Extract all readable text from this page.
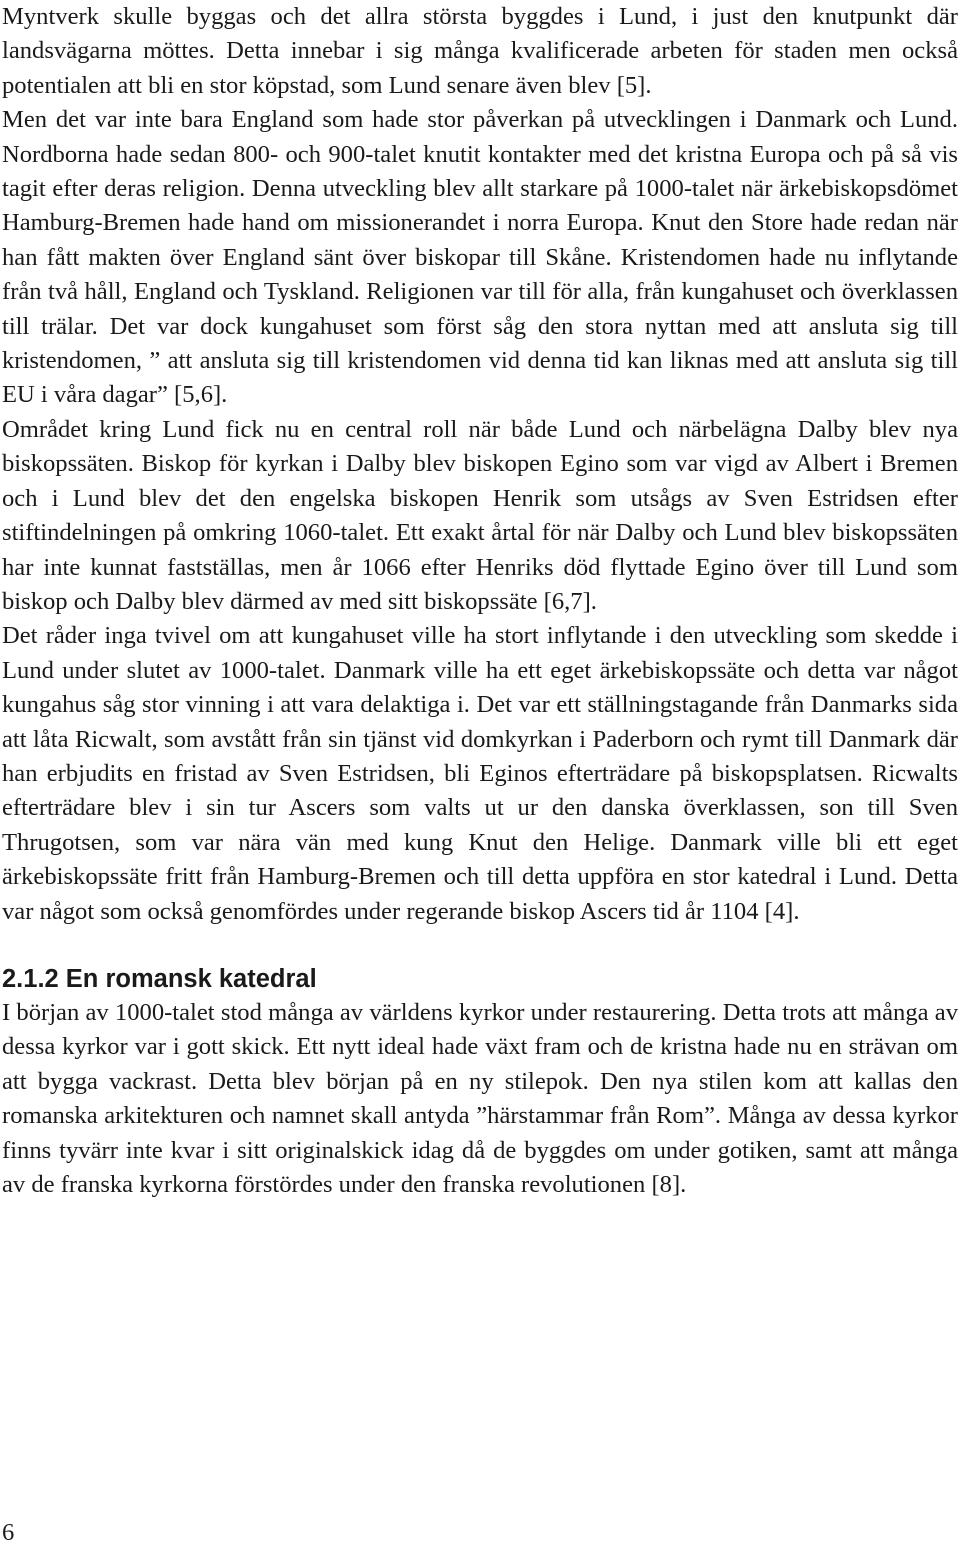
Myntverk skulle byggas och det allra största byggdes i Lund, i just den knutpunkt där landsvägarna möttes. Detta innebar i sig många kvalificerade arbeten för staden men också potentialen att bli en stor köpstad, som Lund senare även blev [5].

Men det var inte bara England som hade stor påverkan på utvecklingen i Danmark och Lund. Nordborna hade sedan 800- och 900-talet knutit kontakter med det kristna Europa och på så vis tagit efter deras religion. Denna utveckling blev allt starkare på 1000-talet när ärkebiskopsdömet Hamburg-Bremen hade hand om missionerandet i norra Europa. Knut den Store hade redan när han fått makten över England sänt över biskopar till Skåne. Kristendomen hade nu inflytande från två håll, England och Tyskland. Religionen var till för alla, från kungahuset och överklassen till trälar. Det var dock kungahuset som först såg den stora nyttan med att ansluta sig till kristendomen, ” att ansluta sig till kristendomen vid denna tid kan liknas med att ansluta sig till EU i våra dagar” [5,6].

Området kring Lund fick nu en central roll när både Lund och närbelägna Dalby blev nya biskopssäten. Biskop för kyrkan i Dalby blev biskopen Egino som var vigd av Albert i Bremen och i Lund blev det den engelska biskopen Henrik som utsågs av Sven Estridsen efter stiftindelningen på omkring 1060-talet. Ett exakt årtal för när Dalby och Lund blev biskopssäten har inte kunnat fastställas, men år 1066 efter Henriks död flyttade Egino över till Lund som biskop och Dalby blev därmed av med sitt biskopssäte [6,7].

Det råder inga tvivel om att kungahuset ville ha stort inflytande i den utveckling som skedde i Lund under slutet av 1000-talet. Danmark ville ha ett eget ärkebiskopssäte och detta var något kungahus såg stor vinning i att vara delaktiga i. Det var ett ställningstagande från Danmarks sida att låta Ricwalt, som avstått från sin tjänst vid domkyrkan i Paderborn och rymt till Danmark där han erbjudits en fristad av Sven Estridsen, bli Eginos efterträdare på biskopsplatsen. Ricwalts efterträdare blev i sin tur Ascers som valts ut ur den danska överklassen, son till Sven Thrugotsen, som var nära vän med kung Knut den Helige. Danmark ville bli ett eget ärkebiskopssäte fritt från Hamburg-Bremen och till detta uppföra en stor katedral i Lund. Detta var något som också genomfördes under regerande biskop Ascers tid år 1104 [4].

2.1.2 En romansk katedral

I början av 1000-talet stod många av världens kyrkor under restaurering. Detta trots att många av dessa kyrkor var i gott skick. Ett nytt ideal hade växt fram och de kristna hade nu en strävan om att bygga vackrast. Detta blev början på en ny stilepok. Den nya stilen kom att kallas den romanska arkitekturen och namnet skall antyda ”härstammar från Rom”. Många av dessa kyrkor finns tyvärr inte kvar i sitt originalskick idag då de byggdes om under gotiken, samt att många av de franska kyrkorna förstördes under den franska revolutionen [8].

6
